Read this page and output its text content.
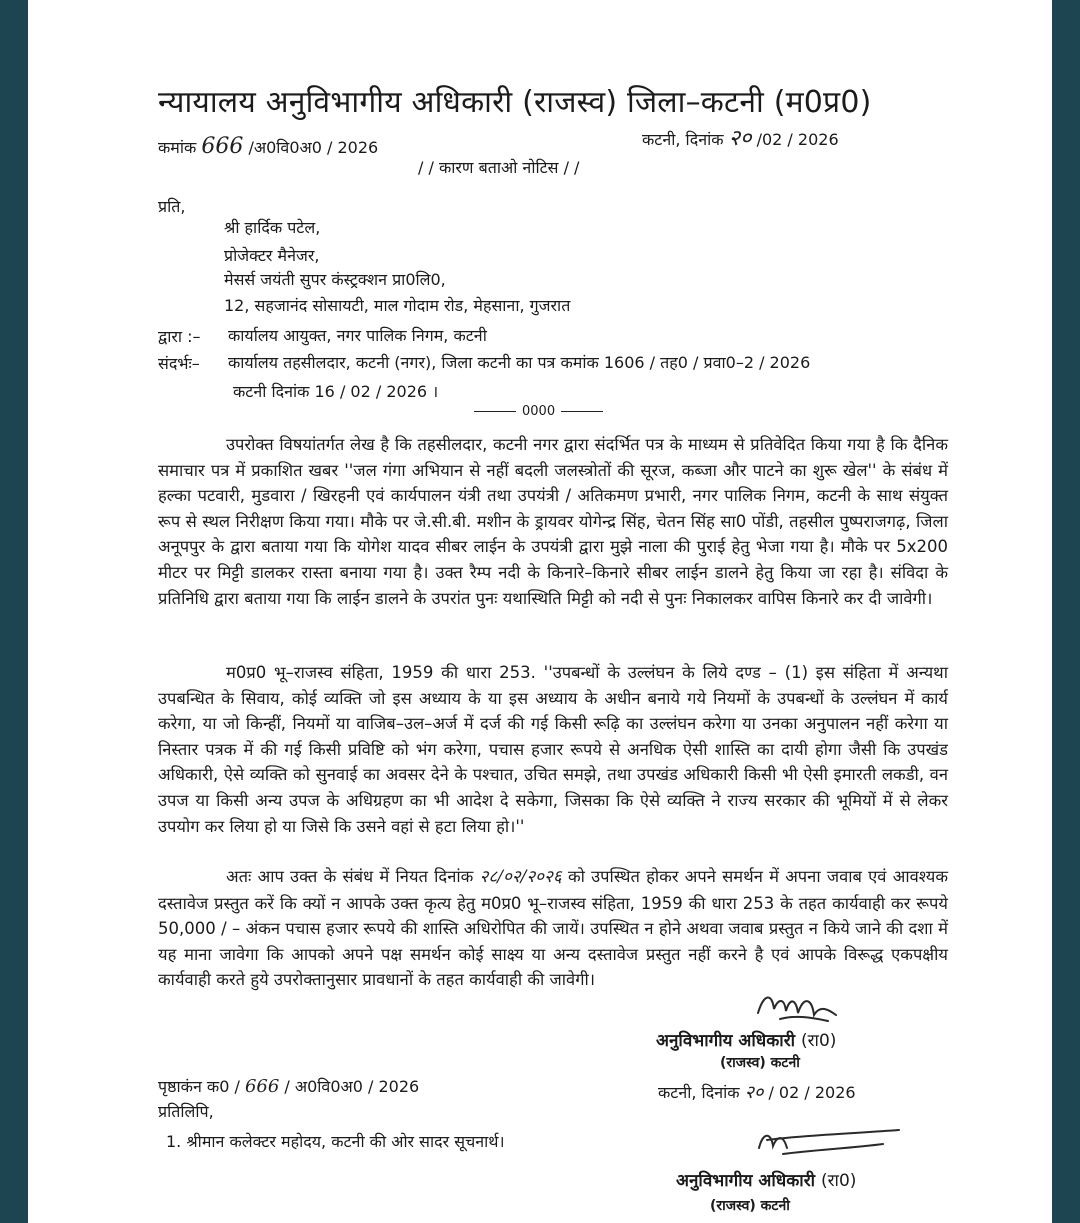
न्यायालय अनुविभागीय अधिकारी (राजस्व) जिला–कटनी (म0प्र0)
कमांक 666 /अ0वि0अ0 / 2026	कटनी, दिनांक २० /02 / 2026
/ / कारण बताओ नोटिस / /
प्रति,
श्री हार्दिक पटेल,
प्रोजेक्टर मैनेजर,
मेसर्स जयंती सुपर कंस्ट्रक्शन प्रा0लि0,
12, सहजानंद सोसायटी, माल गोदाम रोड, मेहसाना, गुजरात
द्वारा :– कार्यालय आयुक्त, नगर पालिक निगम, कटनी
संदर्भः– कार्यालय तहसीलदार, कटनी (नगर), जिला कटनी का पत्र कमांक 1606 / तह0 / प्रवा0–2 / 2026
कटनी दिनांक 16 / 02 / 2026 ।
0000

उपरोक्त विषयांतर्गत लेख है कि तहसीलदार, कटनी नगर द्वारा संदर्भित पत्र के माध्यम से प्रतिवेदित किया गया है कि दैनिक समाचार पत्र में प्रकाशित खबर ''जल गंगा अभियान से नहीं बदली जलस्त्रोतों की सूरज, कब्जा और पाटने का शुरू खेल'' के संबंध में हल्का पटवारी, मुडवारा / खिरहनी एवं कार्यपालन यंत्री तथा उपयंत्री / अतिकमण प्रभारी, नगर पालिक निगम, कटनी के साथ संयुक्त रूप से स्थल निरीक्षण किया गया। मौके पर जे.सी.बी. मशीन के ड्रायवर योगेन्द्र सिंह, चेतन सिंह सा0 पोंडी, तहसील पुष्पराजगढ़, जिला अनूपपुर के द्वारा बताया गया कि योगेश यादव सीबर लाईन के उपयंत्री द्वारा मुझे नाला की पुराई हेतु भेजा गया है। मौके पर 5x200 मीटर पर मिट्टी डालकर रास्ता बनाया गया है। उक्त रैम्प नदी के किनारे–किनारे सीबर लाईन डालने हेतु किया जा रहा है। संविदा के प्रतिनिधि द्वारा बताया गया कि लाईन डालने के उपरांत पुनः यथास्थिति मिट्टी को नदी से पुनः निकालकर वापिस किनारे कर दी जावेगी।

म0प्र0 भू–राजस्व संहिता, 1959 की धारा 253. ''उपबन्धों के उल्लंघन के लिये दण्ड – (1) इस संहिता में अन्यथा उपबन्धित के सिवाय, कोई व्यक्ति जो इस अध्याय के या इस अध्याय के अधीन बनाये गये नियमों के उपबन्धों के उल्लंघन में कार्य करेगा, या जो किन्हीं, नियमों या वाजिब–उल–अर्ज में दर्ज की गई किसी रूढ़ि का उल्लंघन करेगा या उनका अनुपालन नहीं करेगा या निस्तार पत्रक में की गई किसी प्रविष्टि को भंग करेगा, पचास हजार रूपये से अनधिक ऐसी शास्ति का दायी होगा जैसी कि उपखंड अधिकारी, ऐसे व्यक्ति को सुनवाई का अवसर देने के पश्चात, उचित समझे, तथा उपखंड अधिकारी किसी भी ऐसी इमारती लकडी, वन उपज या किसी अन्य उपज के अधिग्रहण का भी आदेश दे सकेगा, जिसका कि ऐसे व्यक्ति ने राज्य सरकार की भूमियों में से लेकर उपयोग कर लिया हो या जिसे कि उसने वहां से हटा लिया हो।''

अतः आप उक्त के संबंध में नियत दिनांक २८/०२/२०२६ को उपस्थित होकर अपने समर्थन में अपना जवाब एवं आवश्यक दस्तावेज प्रस्तुत करें कि क्यों न आपके उक्त कृत्य हेतु म0प्र0 भू–राजस्व संहिता, 1959 की धारा 253 के तहत कार्यवाही कर रूपये 50,000 / – अंकन पचास हजार रूपये की शास्ति अधिरोपित की जायें। उपस्थित न होने अथवा जवाब प्रस्तुत न किये जाने की दशा में यह माना जावेगा कि आपको अपने पक्ष समर्थन कोई साक्ष्य या अन्य दस्तावेज प्रस्तुत नहीं करने है एवं आपके विरूद्ध एकपक्षीय कार्यवाही करते हुये उपरोक्तानुसार प्रावधानों के तहत कार्यवाही की जावेगी।

अनुविभागीय अधिकारी (रा0)
(राजस्व) कटनी
पृष्ठाकंन क0 / 666 / अ0वि0अ0 / 2026	कटनी, दिनांक २० / 02 / 2026
प्रतिलिपि,
1. श्रीमान कलेक्टर महोदय, कटनी की ओर सादर सूचनार्थ।
अनुविभागीय अधिकारी (रा0)
(राजस्व) कटनी
